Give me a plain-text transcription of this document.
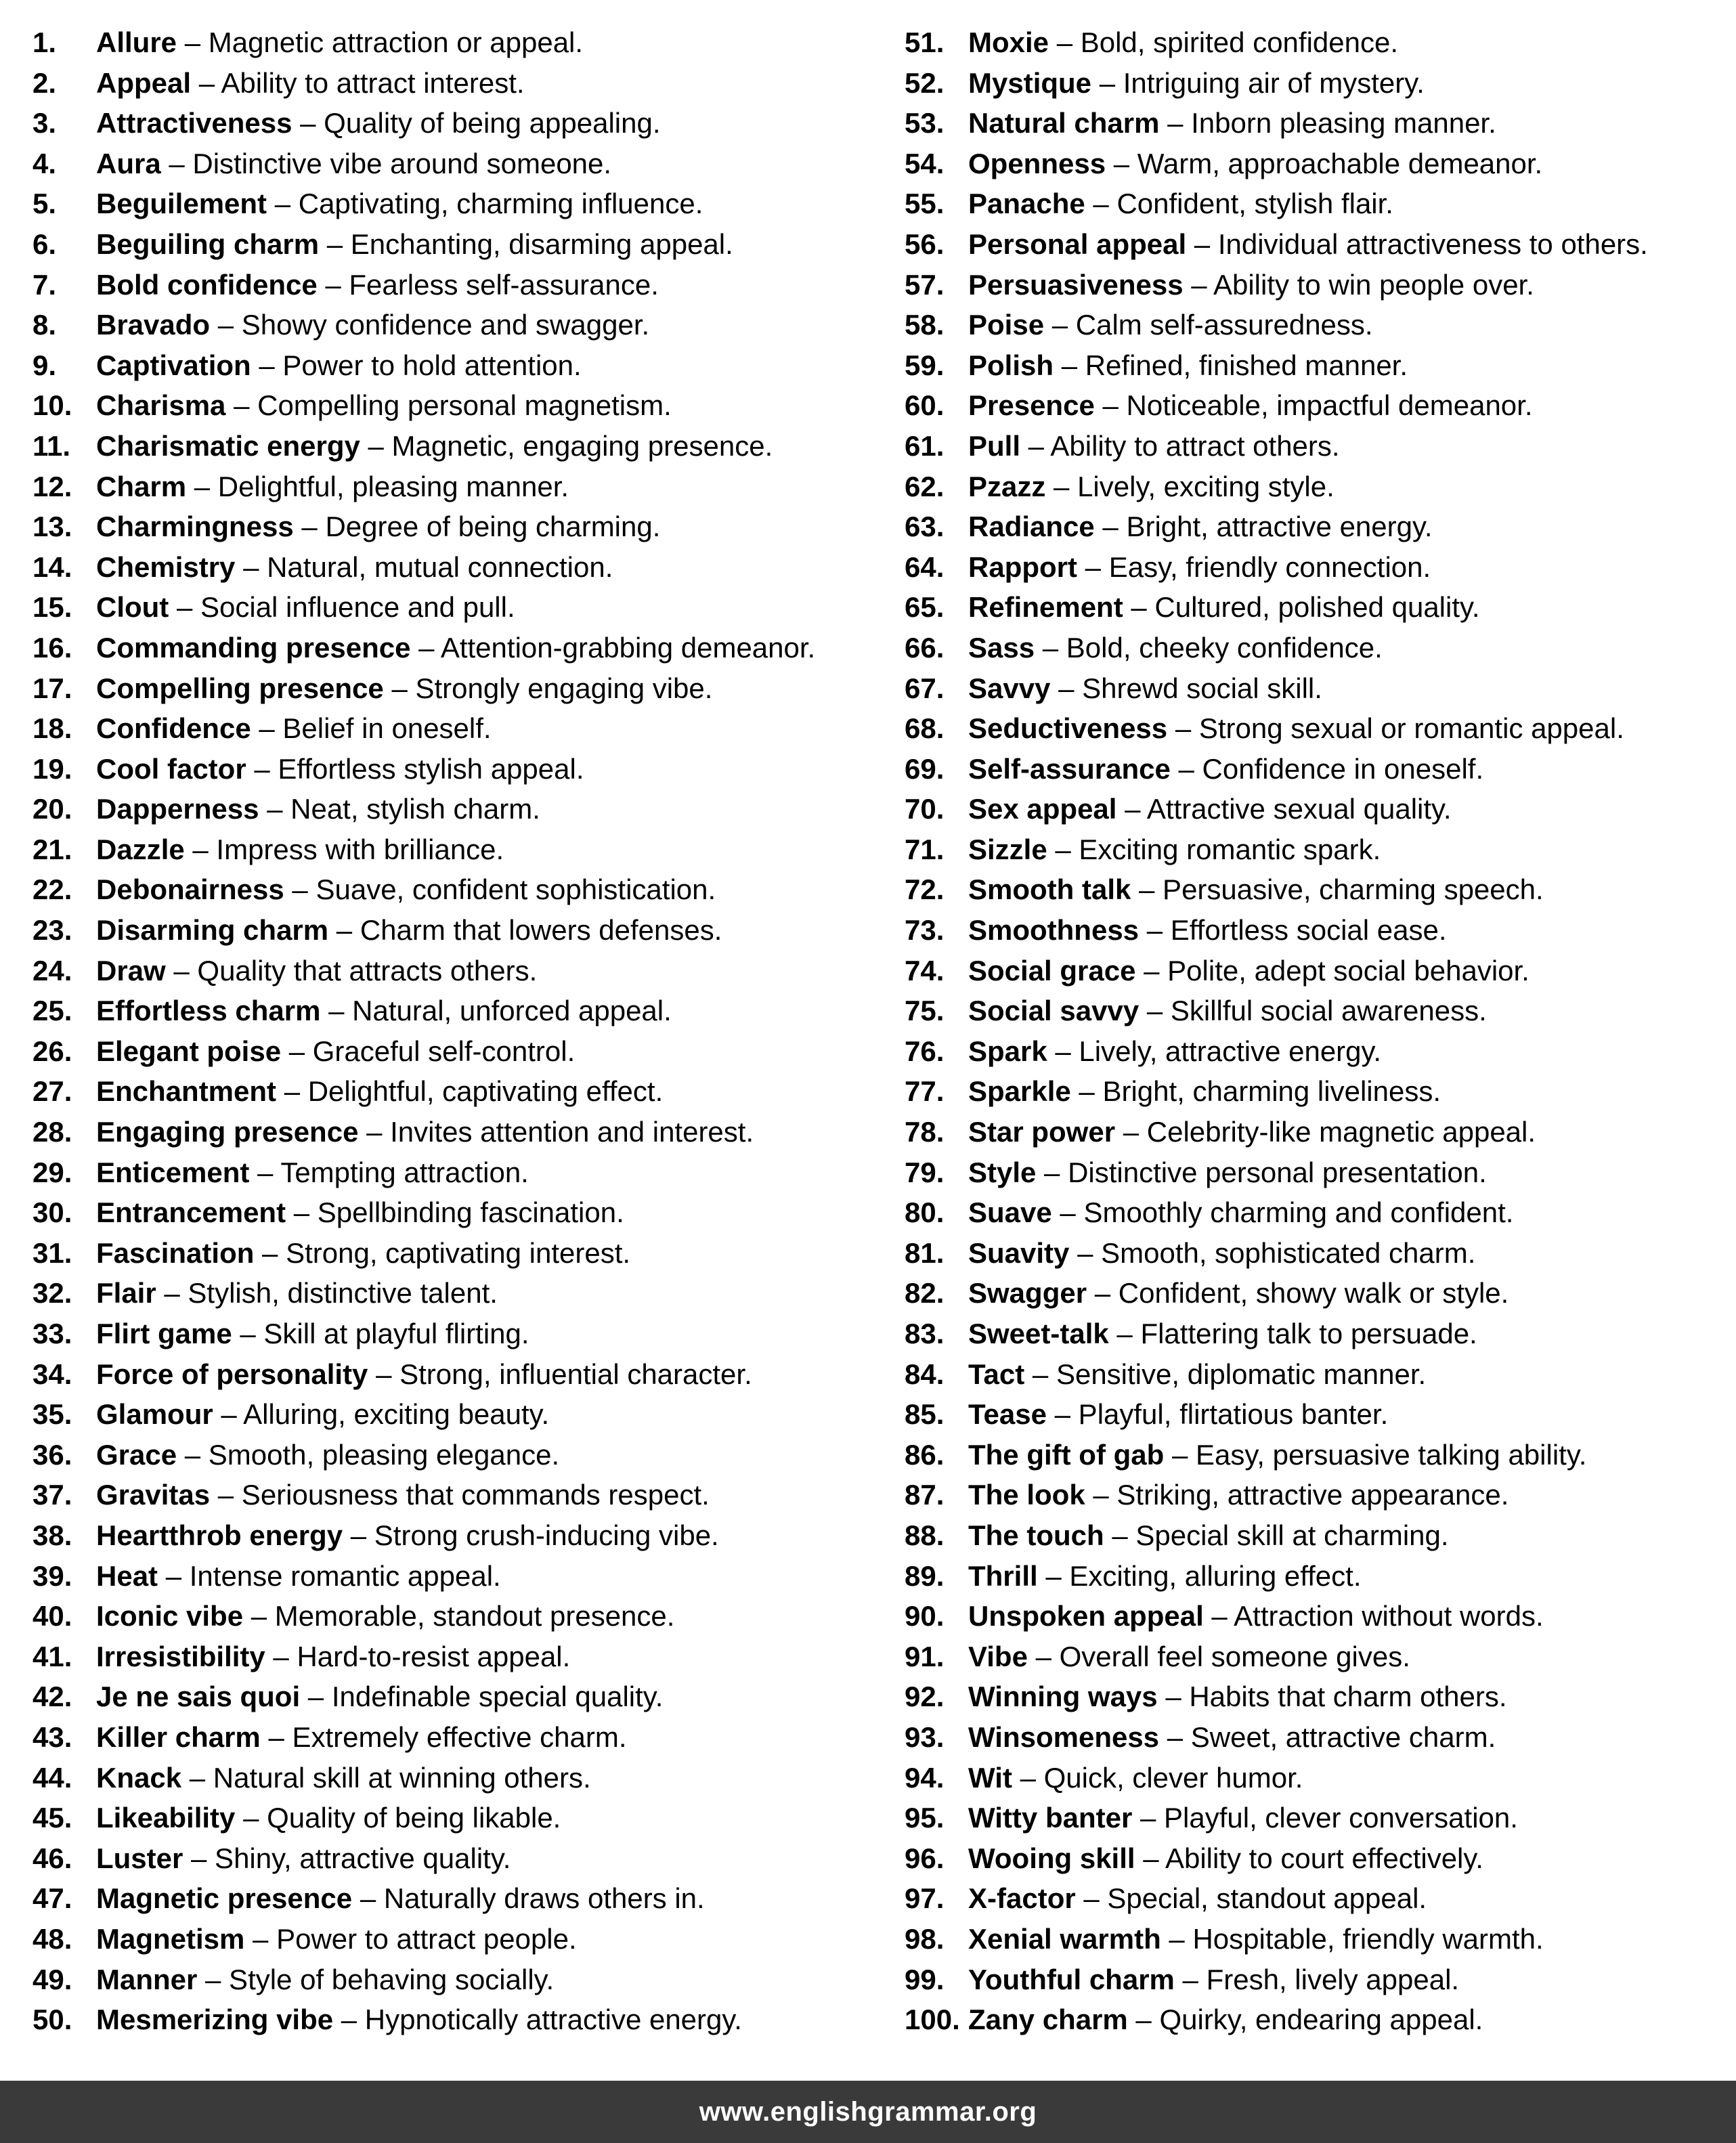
1.	Allure – Magnetic attraction or appeal.
2.	Appeal – Ability to attract interest.
3.	Attractiveness – Quality of being appealing.
4.	Aura – Distinctive vibe around someone.
5.	Beguilement – Captivating, charming influence.
6.	Beguiling charm – Enchanting, disarming appeal.
7.	Bold confidence – Fearless self-assurance.
8.	Bravado – Showy confidence and swagger.
9.	Captivation – Power to hold attention.
10. Charisma – Compelling personal magnetism.
11. Charismatic energy – Magnetic, engaging presence.
12. Charm – Delightful, pleasing manner.
13. Charmingness – Degree of being charming.
14. Chemistry – Natural, mutual connection.
15. Clout – Social influence and pull.
16. Commanding presence – Attention-grabbing demeanor.
17. Compelling presence – Strongly engaging vibe.
18. Confidence – Belief in oneself.
19. Cool factor – Effortless stylish appeal.
20. Dapperness – Neat, stylish charm.
21. Dazzle – Impress with brilliance.
22. Debonairness – Suave, confident sophistication.
23. Disarming charm – Charm that lowers defenses.
24. Draw – Quality that attracts others.
25. Effortless charm – Natural, unforced appeal.
26. Elegant poise – Graceful self-control.
27. Enchantment – Delightful, captivating effect.
28. Engaging presence – Invites attention and interest.
29. Enticement – Tempting attraction.
30. Entrancement – Spellbinding fascination.
31. Fascination – Strong, captivating interest.
32. Flair – Stylish, distinctive talent.
33. Flirt game – Skill at playful flirting.
34. Force of personality – Strong, influential character.
35. Glamour – Alluring, exciting beauty.
36. Grace – Smooth, pleasing elegance.
37. Gravitas – Seriousness that commands respect.
38. Heartthrob energy – Strong crush-inducing vibe.
39. Heat – Intense romantic appeal.
40. Iconic vibe – Memorable, standout presence.
41. Irresistibility – Hard-to-resist appeal.
42. Je ne sais quoi – Indefinable special quality.
43. Killer charm – Extremely effective charm.
44. Knack – Natural skill at winning others.
45. Likeability – Quality of being likable.
46. Luster – Shiny, attractive quality.
47. Magnetic presence – Naturally draws others in.
48. Magnetism – Power to attract people.
49. Manner – Style of behaving socially.
50. Mesmerizing vibe – Hypnotically attractive energy.
51. Moxie – Bold, spirited confidence.
52. Mystique – Intriguing air of mystery.
53. Natural charm – Inborn pleasing manner.
54. Openness – Warm, approachable demeanor.
55. Panache – Confident, stylish flair.
56. Personal appeal – Individual attractiveness to others.
57. Persuasiveness – Ability to win people over.
58. Poise – Calm self-assuredness.
59. Polish – Refined, finished manner.
60. Presence – Noticeable, impactful demeanor.
61. Pull – Ability to attract others.
62. Pzazz – Lively, exciting style.
63. Radiance – Bright, attractive energy.
64. Rapport – Easy, friendly connection.
65. Refinement – Cultured, polished quality.
66. Sass – Bold, cheeky confidence.
67. Savvy – Shrewd social skill.
68. Seductiveness – Strong sexual or romantic appeal.
69. Self-assurance – Confidence in oneself.
70. Sex appeal – Attractive sexual quality.
71. Sizzle – Exciting romantic spark.
72. Smooth talk – Persuasive, charming speech.
73. Smoothness – Effortless social ease.
74. Social grace – Polite, adept social behavior.
75. Social savvy – Skillful social awareness.
76. Spark – Lively, attractive energy.
77. Sparkle – Bright, charming liveliness.
78. Star power – Celebrity-like magnetic appeal.
79. Style – Distinctive personal presentation.
80. Suave – Smoothly charming and confident.
81. Suavity – Smooth, sophisticated charm.
82. Swagger – Confident, showy walk or style.
83. Sweet-talk – Flattering talk to persuade.
84. Tact – Sensitive, diplomatic manner.
85. Tease – Playful, flirtatious banter.
86. The gift of gab – Easy, persuasive talking ability.
87. The look – Striking, attractive appearance.
88. The touch – Special skill at charming.
89. Thrill – Exciting, alluring effect.
90. Unspoken appeal – Attraction without words.
91. Vibe – Overall feel someone gives.
92. Winning ways – Habits that charm others.
93. Winsomeness – Sweet, attractive charm.
94. Wit – Quick, clever humor.
95. Witty banter – Playful, clever conversation.
96. Wooing skill – Ability to court effectively.
97. X-factor – Special, standout appeal.
98. Xenial warmth – Hospitable, friendly warmth.
99. Youthful charm – Fresh, lively appeal.
100. Zany charm – Quirky, endearing appeal.
www.englishgrammar.org
